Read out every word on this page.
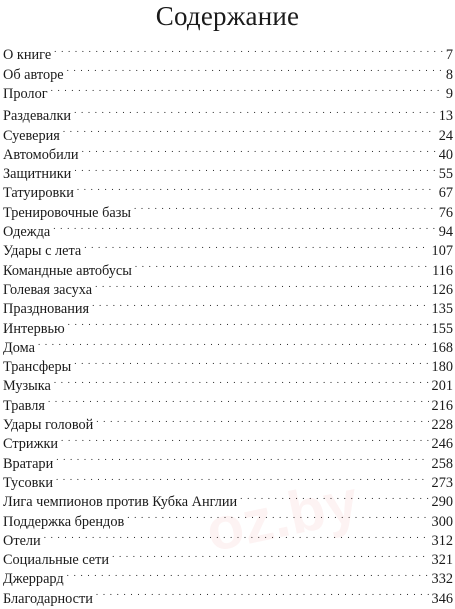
Содержание
О книге . . .	7
Об авторе . . .	8
Пролог . . .	9
Раздевалки . . .	13
Суеверия . . .	24
Автомобили . . .	40
Защитники . . .	55
Татуировки . . .	67
Тренировочные базы . . .	76
Одежда . . .	94
Удары с лета . . .	107
Командные автобусы . . .	116
Голевая засуха . . .	126
Празднования . . .	135
Интервью . . .	155
Дома . . .	168
Трансферы . . .	180
Музыка . . .	201
Травля . . .	216
Удары головой . . .	228
Стрижки . . .	246
Вратари . . .	258
Тусовки . . .	273
Лига чемпионов против Кубка Англии . . .	290
Поддержка брендов . . .	300
Отели . . .	312
Социальные сети . . .	321
Джеррард . . .	332
Благодарности . . .	346
oz.by
